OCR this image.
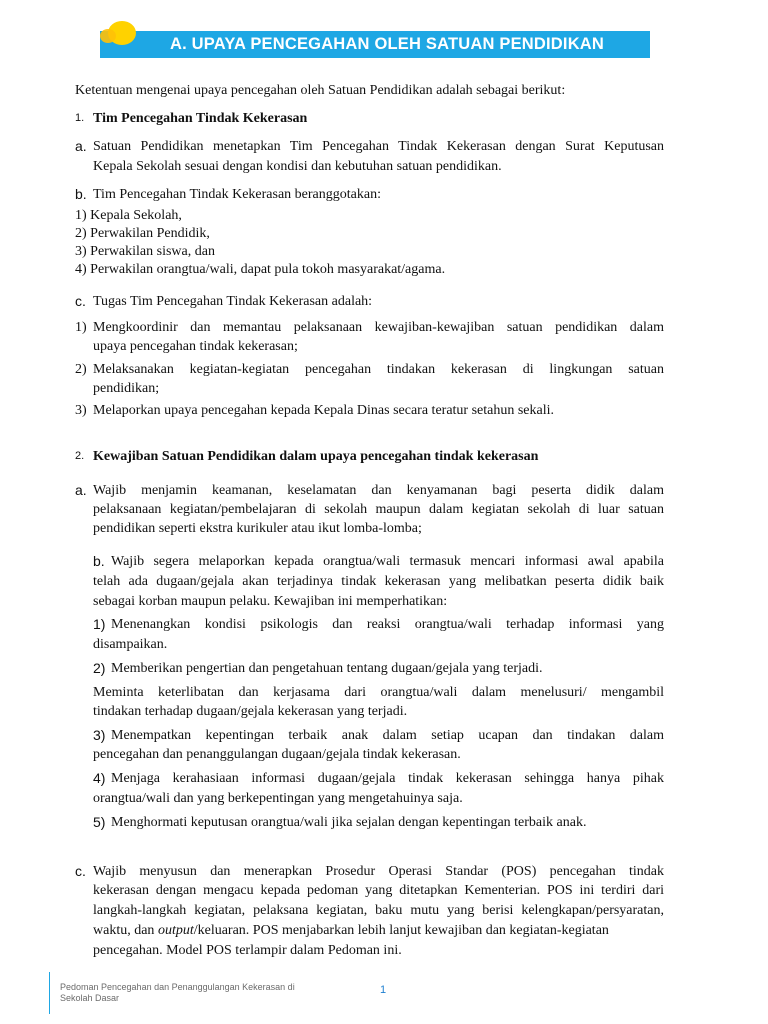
A. UPAYA PENCEGAHAN OLEH SATUAN PENDIDIKAN
Ketentuan mengenai upaya pencegahan oleh Satuan Pendidikan adalah sebagai berikut:
1. Tim Pencegahan Tindak Kekerasan
a. Satuan Pendidikan menetapkan Tim Pencegahan Tindak Kekerasan dengan Surat Keputusan
Kepala Sekolah sesuai dengan kondisi dan kebutuhan satuan pendidikan.
b. Tim Pencegahan Tindak Kekerasan beranggotakan:
1) Kepala Sekolah,
2) Perwakilan Pendidik,
3) Perwakilan siswa, dan
4) Perwakilan orangtua/wali, dapat pula tokoh masyarakat/agama.
c. Tugas Tim Pencegahan Tindak Kekerasan adalah:
1) Mengkoordinir dan memantau pelaksanaan kewajiban-kewajiban satuan pendidikan dalam
upaya pencegahan tindak kekerasan;
2) Melaksanakan kegiatan-kegiatan pencegahan tindakan kekerasan di lingkungan satuan
pendidikan;
3) Melaporkan upaya pencegahan kepada Kepala Dinas secara teratur setahun sekali.
2. Kewajiban Satuan Pendidikan dalam upaya pencegahan tindak kekerasan
a. Wajib menjamin keamanan, keselamatan dan kenyamanan bagi peserta didik dalam
pelaksanaan kegiatan/pembelajaran di sekolah maupun dalam kegiatan sekolah di luar satuan
pendidikan seperti ekstra kurikuler atau ikut lomba-lomba;
b. Wajib segera melaporkan kepada orangtua/wali termasuk mencari informasi awal apabila
telah ada dugaan/gejala akan terjadinya tindak kekerasan yang melibatkan peserta didik baik
sebagai korban maupun pelaku. Kewajiban ini memperhatikan:
1) Menenangkan kondisi psikologis dan reaksi orangtua/wali terhadap informasi yang
disampaikan.
2) Memberikan pengertian dan pengetahuan tentang dugaan/gejala yang terjadi.
Meminta keterlibatan dan kerjasama dari orangtua/wali dalam menelusuri/ mengambil
tindakan terhadap dugaan/gejala kekerasan yang terjadi.
3) Menempatkan kepentingan terbaik anak dalam setiap ucapan dan tindakan dalam
pencegahan dan penanggulangan dugaan/gejala tindak kekerasan.
4) Menjaga kerahasiaan informasi dugaan/gejala tindak kekerasan sehingga hanya pihak
orangtua/wali dan yang berkepentingan yang mengetahuinya saja.
5) Menghormati keputusan orangtua/wali jika sejalan dengan kepentingan terbaik anak.
c. Wajib menyusun dan menerapkan Prosedur Operasi Standar (POS) pencegahan tindak
kekerasan dengan mengacu kepada pedoman yang ditetapkan Kementerian. POS ini terdiri dari
langkah-langkah kegiatan, pelaksana kegiatan, baku mutu yang berisi kelengkapan/persyaratan,
waktu, dan output/keluaran. POS menjabarkan lebih lanjut kewajiban dan kegiatan-kegiatan
pencegahan. Model POS terlampir dalam Pedoman ini.
Pedoman Pencegahan dan Penanggulangan Kekerasan di Sekolah Dasar
1
